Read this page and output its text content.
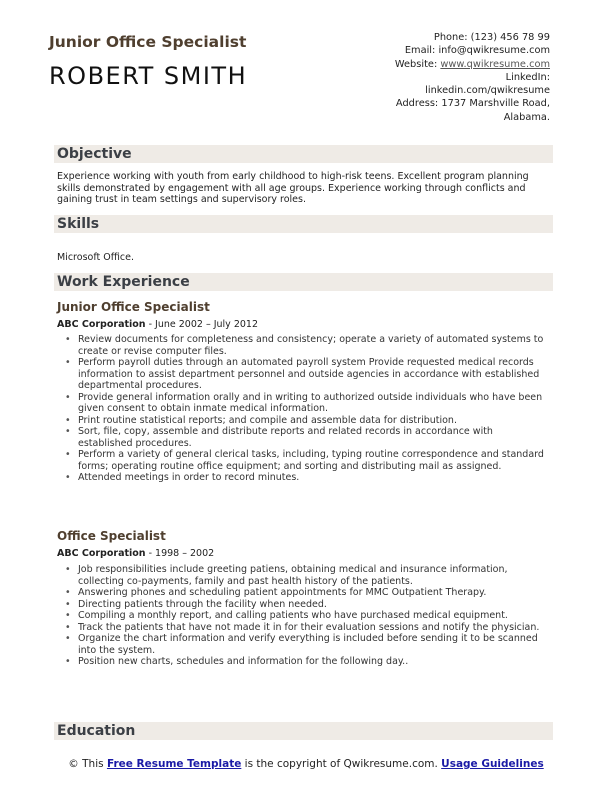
Junior Office Specialist
ROBERT SMITH
Phone: (123) 456 78 99
Email: info@qwikresume.com
Website: www.qwikresume.com
LinkedIn:
linkedin.com/qwikresume
Address: 1737 Marshville Road,
Alabama.
Objective
Experience working with youth from early childhood to high-risk teens. Excellent program planning skills demonstrated by engagement with all age groups. Experience working through conflicts and gaining trust in team settings and supervisory roles.
Skills
Microsoft Office.
Work Experience
Junior Office Specialist
ABC Corporation - June 2002 – July 2012
• Review documents for completeness and consistency; operate a variety of automated systems to create or revise computer files.
• Perform payroll duties through an automated payroll system Provide requested medical records information to assist department personnel and outside agencies in accordance with established departmental procedures.
• Provide general information orally and in writing to authorized outside individuals who have been given consent to obtain inmate medical information.
• Print routine statistical reports; and compile and assemble data for distribution.
• Sort, file, copy, assemble and distribute reports and related records in accordance with established procedures.
• Perform a variety of general clerical tasks, including, typing routine correspondence and standard forms; operating routine office equipment; and sorting and distributing mail as assigned.
• Attended meetings in order to record minutes.
Office Specialist
ABC Corporation - 1998 – 2002
• Job responsibilities include greeting patiens, obtaining medical and insurance information, collecting co-payments, family and past health history of the patients.
• Answering phones and scheduling patient appointments for MMC Outpatient Therapy.
• Directing patients through the facility when needed.
• Compiling a monthly report, and calling patients who have purchased medical equipment.
• Track the patients that have not made it in for their evaluation sessions and notify the physician.
• Organize the chart information and verify everything is included before sending it to be scanned into the system.
• Position new charts, schedules and information for the following day..
Education
© This Free Resume Template is the copyright of Qwikresume.com. Usage Guidelines
